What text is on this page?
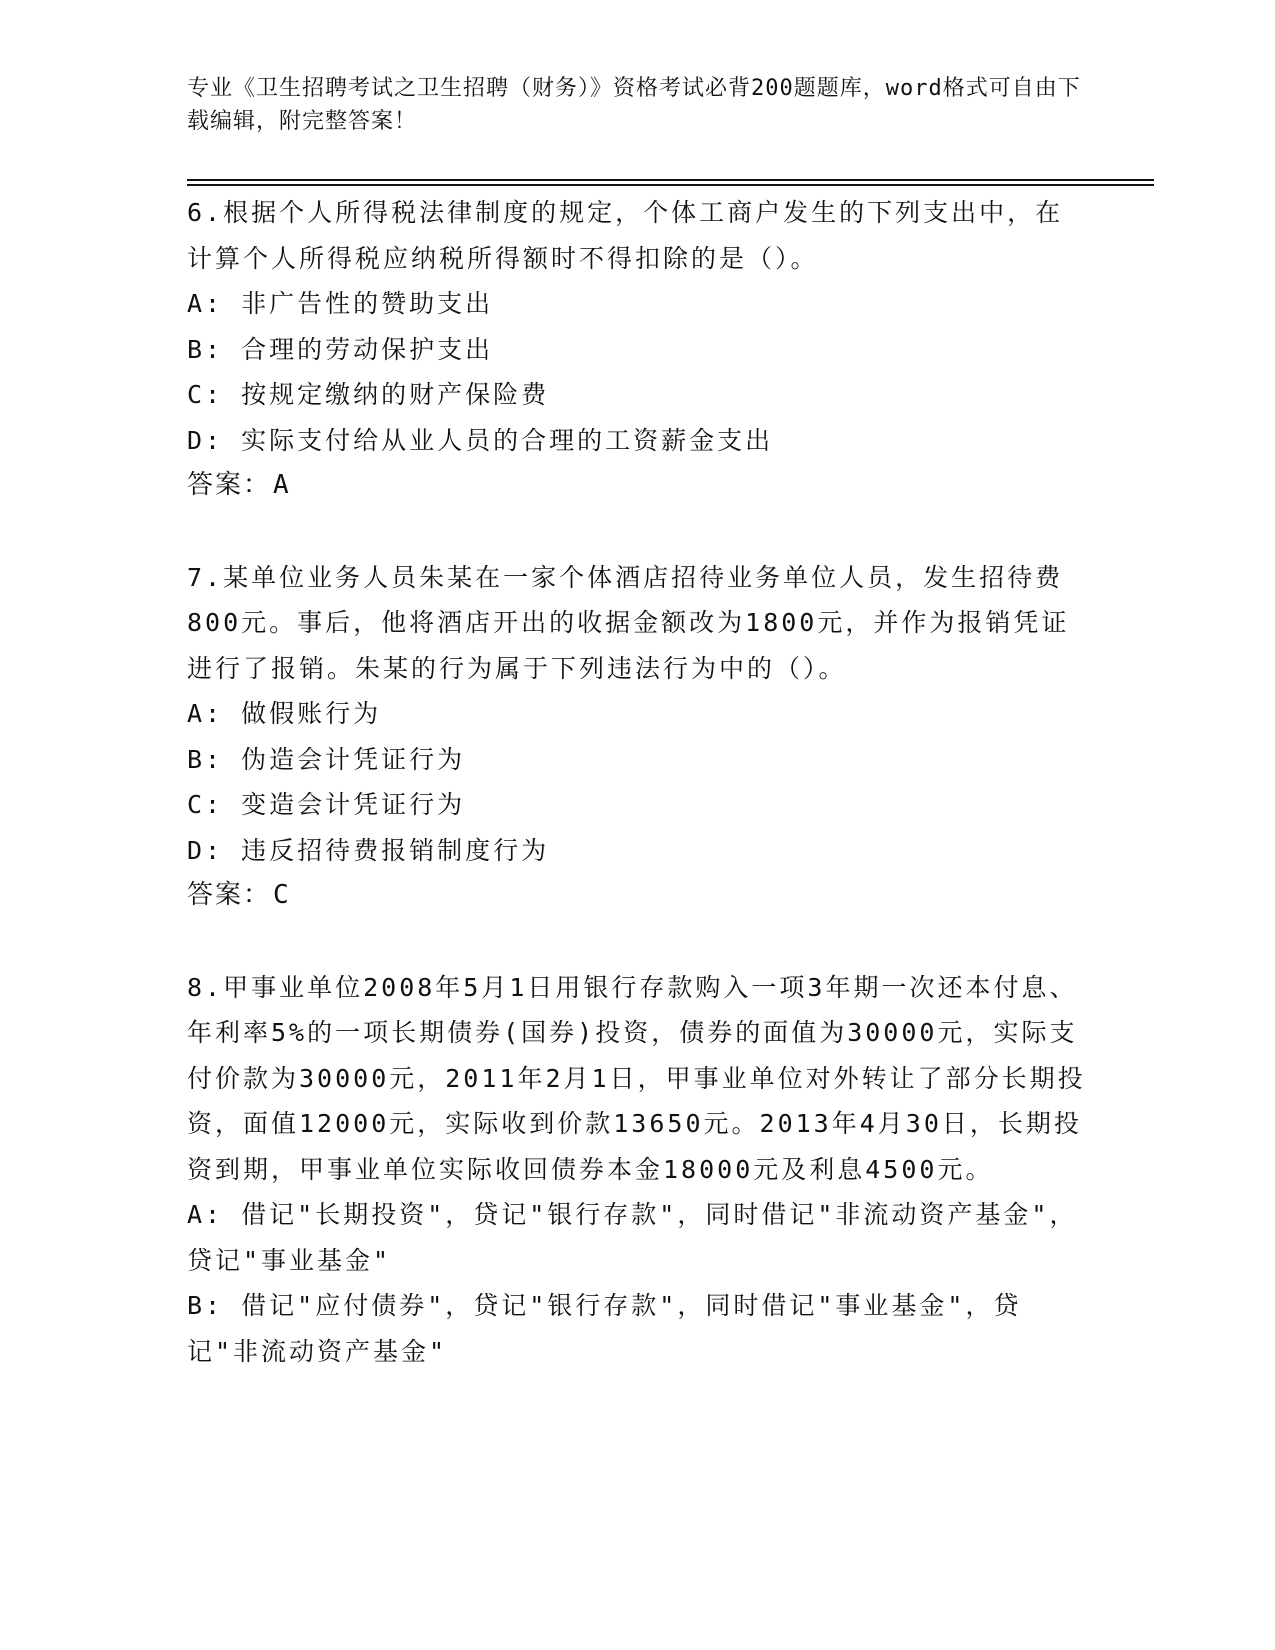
专业《卫生招聘考试之卫生招聘（财务）》资格考试必背200题题库，word格式可自由下载编辑，附完整答案！

6.根据个人所得税法律制度的规定，个体工商户发生的下列支出中，在计算个人所得税应纳税所得额时不得扣除的是（）。

A: 非广告性的赞助支出

B: 合理的劳动保护支出

C: 按规定缴纳的财产保险费

D: 实际支付给从业人员的合理的工资薪金支出

答案：A

7.某单位业务人员朱某在一家个体酒店招待业务单位人员，发生招待费800元。事后，他将酒店开出的收据金额改为1800元，并作为报销凭证进行了报销。朱某的行为属于下列违法行为中的（）。

A: 做假账行为

B: 伪造会计凭证行为

C: 变造会计凭证行为

D: 违反招待费报销制度行为

答案：C

8.甲事业单位2008年5月1日用银行存款购入一项3年期一次还本付息、年利率5%的一项长期债券(国券)投资，债券的面值为30000元，实际支付价款为30000元，2011年2月1日，甲事业单位对外转让了部分长期投资，面值12000元，实际收到价款13650元。2013年4月30日，长期投资到期，甲事业单位实际收回债券本金18000元及利息4500元。

A: 借记"长期投资"，贷记"银行存款"，同时借记"非流动资产基金"，贷记"事业基金"

B: 借记"应付债券"，贷记"银行存款"，同时借记"事业基金"，贷记"非流动资产基金"
